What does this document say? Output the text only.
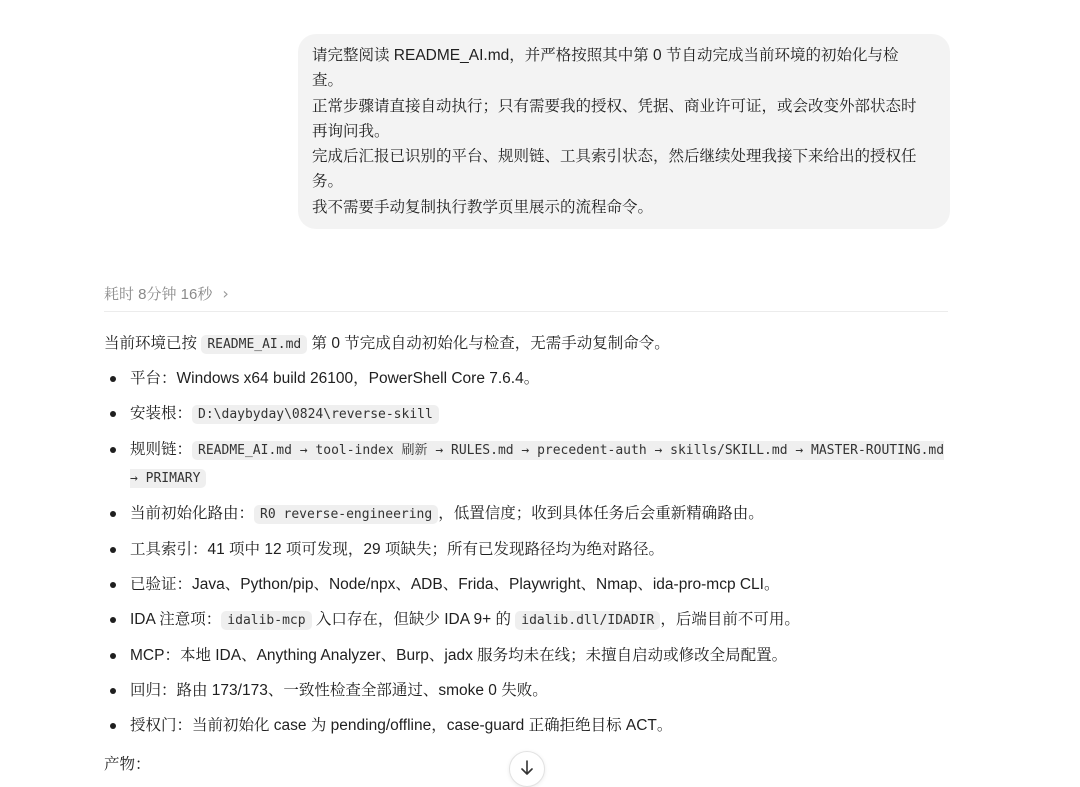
请完整阅读 README_AI.md，并严格按照其中第 0 节自动完成当前环境的初始化与检查。

正常步骤请直接自动执行；只有需要我的授权、凭据、商业许可证，或会改变外部状态时再询问我。

完成后汇报已识别的平台、规则链、工具索引状态，然后继续处理我接下来给出的授权任务。

我不需要手动复制执行教学页里展示的流程命令。

耗时 8分钟 16秒 ›

当前环境已按 README_AI.md 第 0 节完成自动初始化与检查，无需手动复制命令。

平台：Windows x64 build 26100，PowerShell Core 7.6.4。
安装根： D:\daybyday\0824\reverse-skill
规则链： README_AI.md → tool-index 刷新 → RULES.md → precedent-auth → skills/SKILL.md → MASTER-ROUTING.md → PRIMARY
当前初始化路由： R0 reverse-engineering ，低置信度；收到具体任务后会重新精确路由。
工具索引：41 项中 12 项可发现，29 项缺失；所有已发现路径均为绝对路径。
已验证：Java、Python/pip、Node/npx、ADB、Frida、Playwright、Nmap、ida-pro-mcp CLI。
IDA 注意项： idalib-mcp 入口存在，但缺少 IDA 9+ 的 idalib.dll/IDADIR ，后端目前不可用。
MCP：本地 IDA、Anything Analyzer、Burp、jadx 服务均未在线；未擅自启动或修改全局配置。
回归：路由 173/173、一致性检查全部通过、smoke 0 失败。
授权门：当前初始化 case 为 pending/offline，case-guard 正确拒绝目标 ACT。

产物：
